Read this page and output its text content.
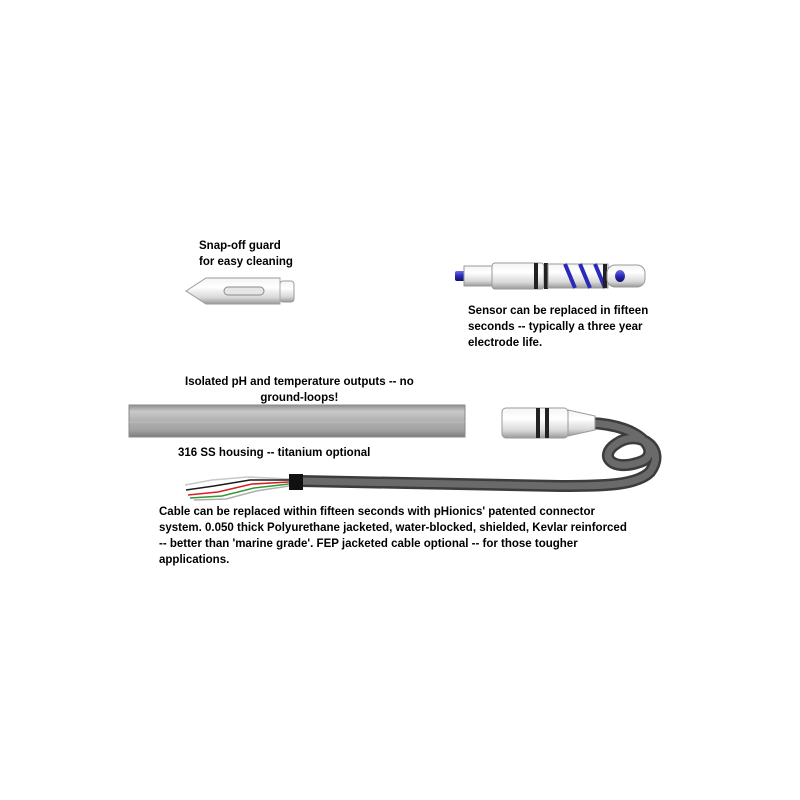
Snap-off guard
for easy cleaning

Sensor can be replaced in fifteen
seconds -- typically a three year
electrode life.

Isolated pH and temperature outputs -- no
ground-loops!

316 SS housing -- titanium optional

Cable can be replaced within fifteen seconds with pHionics' patented connector
system. 0.050 thick Polyurethane jacketed, water-blocked, shielded, Kevlar reinforced
-- better than 'marine grade'. FEP jacketed cable optional -- for those tougher
applications.
